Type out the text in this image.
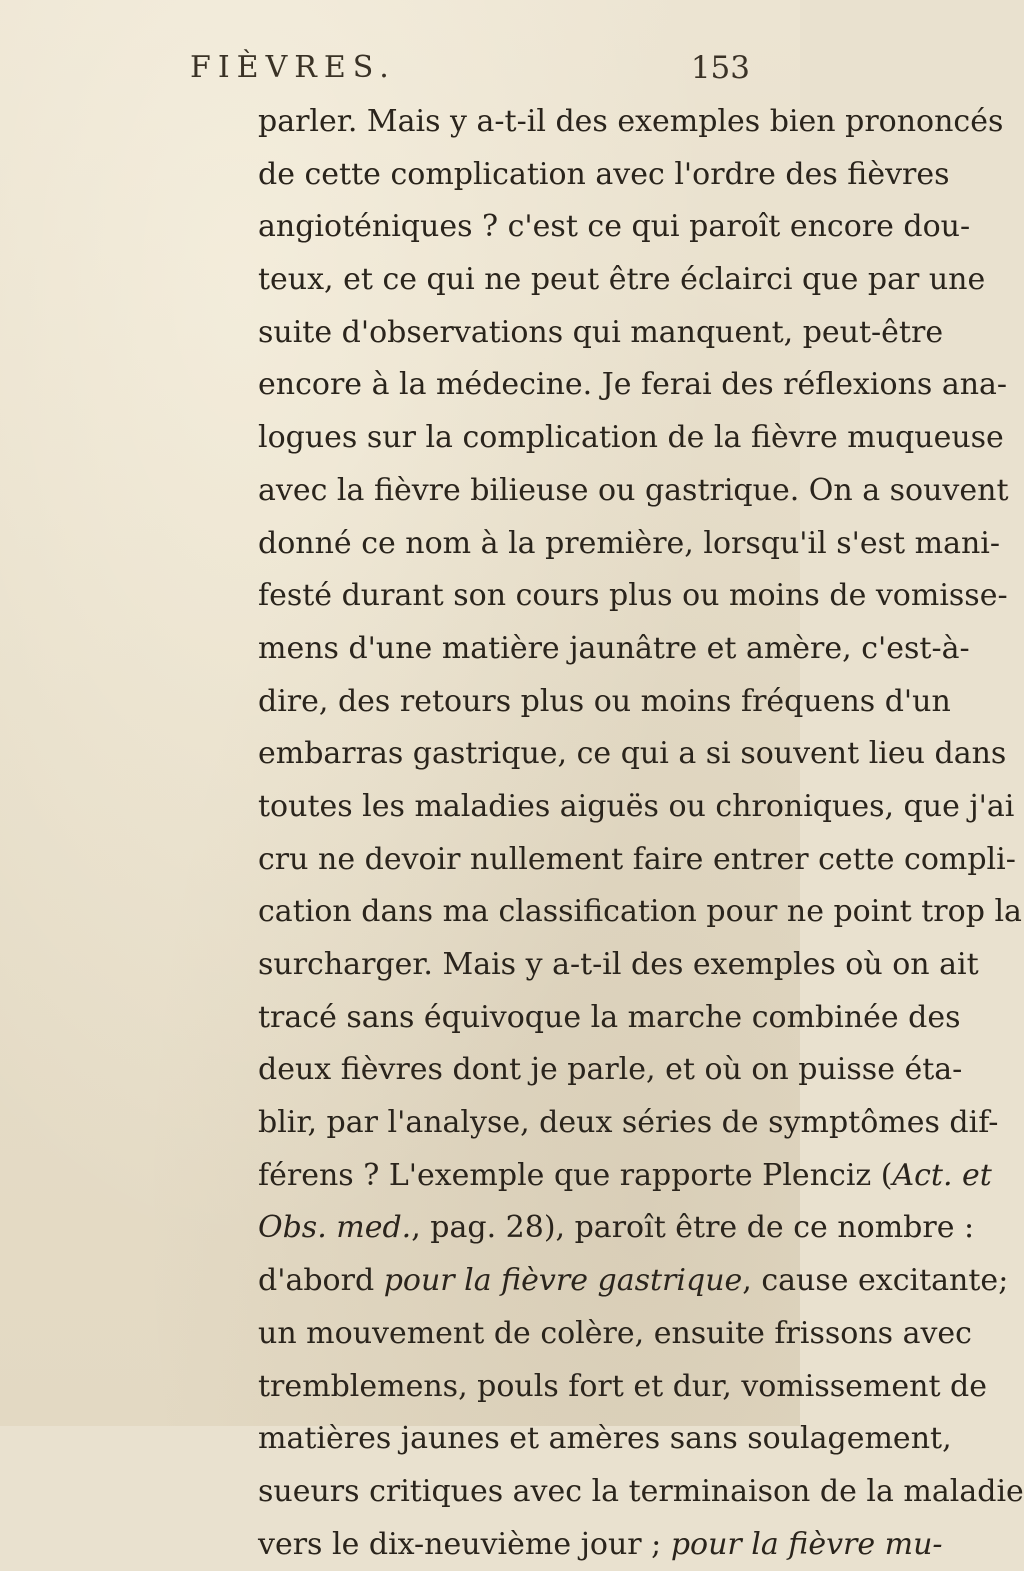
FIÈVRES.	153
parler. Mais y a-t-il des exemples bien prononcés
de cette complication avec l'ordre des fièvres
angioténiques ? c'est ce qui paroît encore dou-
teux, et ce qui ne peut être éclairci que par une
suite d'observations qui manquent, peut-être
encore à la médecine. Je ferai des réflexions ana-
logues sur la complication de la fièvre muqueuse
avec la fièvre bilieuse ou gastrique. On a souvent
donné ce nom à la première, lorsqu'il s'est mani-
festé durant son cours plus ou moins de vomisse-
mens d'une matière jaunâtre et amère, c'est-à-
dire, des retours plus ou moins fréquens d'un
embarras gastrique, ce qui a si souvent lieu dans
toutes les maladies aiguës ou chroniques, que j'ai
cru ne devoir nullement faire entrer cette compli-
cation dans ma classification pour ne point trop la
surcharger. Mais y a-t-il des exemples où on ait
tracé sans équivoque la marche combinée des
deux fièvres dont je parle, et où on puisse éta-
blir, par l'analyse, deux séries de symptômes dif-
férens ? L'exemple que rapporte Plenciz (Act. et
Obs. med., pag. 28), paroît être de ce nombre :
d'abord pour la fièvre gastrique, cause excitante;
un mouvement de colère, ensuite frissons avec
tremblemens, pouls fort et dur, vomissement de
matières jaunes et amères sans soulagement,
sueurs critiques avec la terminaison de la maladie
vers le dix-neuvième jour ; pour la fièvre mu-
